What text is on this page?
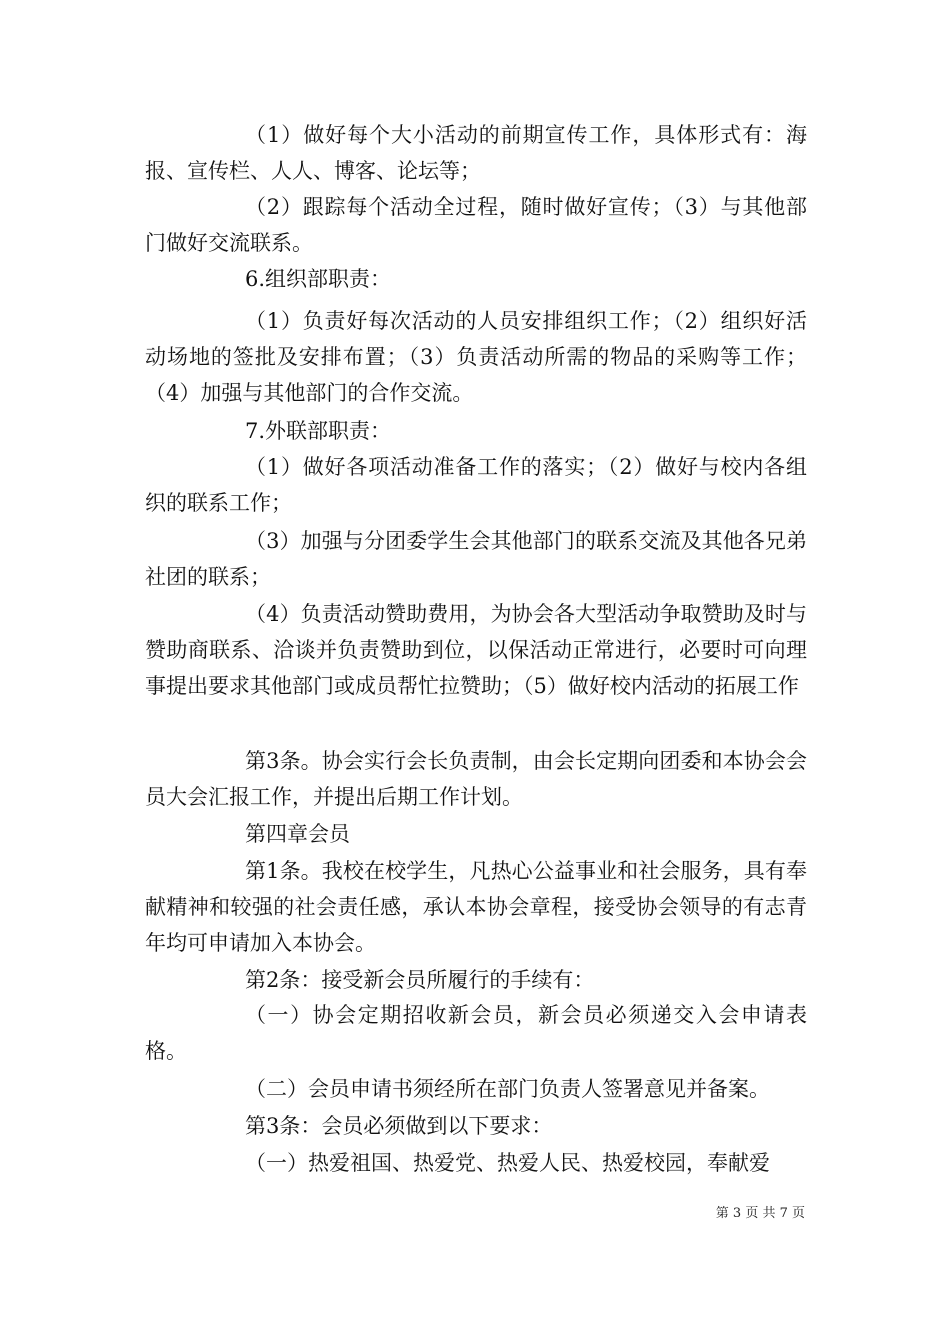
（1）做好每个大小活动的前期宣传工作，具体形式有：海报、宣传栏、人人、博客、论坛等；

（2）跟踪每个活动全过程，随时做好宣传；（3）与其他部门做好交流联系。

6.组织部职责：

（1）负责好每次活动的人员安排组织工作；（2）组织好活动场地的签批及安排布置；（3）负责活动所需的物品的采购等工作；（4）加强与其他部门的合作交流。

7.外联部职责：

（1）做好各项活动准备工作的落实；（2）做好与校内各组织的联系工作；

（3）加强与分团委学生会其他部门的联系交流及其他各兄弟社团的联系；

（4）负责活动赞助费用，为协会各大型活动争取赞助及时与赞助商联系、洽谈并负责赞助到位，以保活动正常进行，必要时可向理事提出要求其他部门或成员帮忙拉赞助；（5）做好校内活动的拓展工作

第3条。协会实行会长负责制，由会长定期向团委和本协会会员大会汇报工作，并提出后期工作计划。

第四章会员

第1条。我校在校学生，凡热心公益事业和社会服务，具有奉献精神和较强的社会责任感，承认本协会章程，接受协会领导的有志青年均可申请加入本协会。

第2条：接受新会员所履行的手续有：

（一）协会定期招收新会员，新会员必须递交入会申请表格。

（二）会员申请书须经所在部门负责人签署意见并备案。

第3条：会员必须做到以下要求：

（一）热爱祖国、热爱党、热爱人民、热爱校园，奉献爱

第 3 页 共 7 页
